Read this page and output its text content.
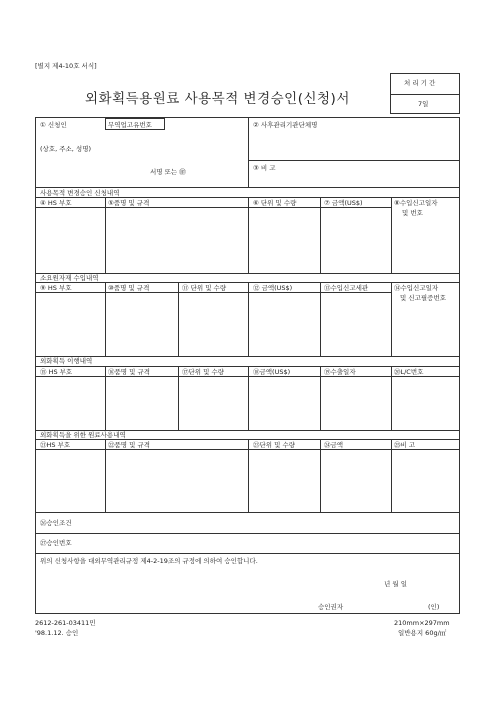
[별지 제4-10호 서식]
외화획득용원료 사용목적 변경승인(신청)서
처 리 기 간
7일
① 신청인	무역업고유번호
(상호, 주소, 성명)
서명 또는 ㊞
② 사후관리기관단체명
③ 비 고
사용목적 변경승인 신청내역
④ HS 부호	⑤품명 및 규격	⑥ 단위 및 수량	⑦ 금액(US$)	⑧수입신고일자
및 번호
소요원자재 수입내역
⑨ HS 부호	⑩품명 및 규격	⑪ 단위 및 수량	⑫ 금액(US$)	⑬수입신고세관	⑭수입신고일자
및 신고필증번호
외화획득 이행내역
⑮ HS 부호	⑯품명 및 규격	⑰단위 및 수량	⑱금액(US$)	⑲수출일자	⑳L/C번호
외화획득을 위한 원료사용내역
㉑HS 부호	㉒품명 및 규격	㉓단위 및 수량	㉔금액	㉕비 고
㉖승인조건
㉗승인번호
위의 신청사항을 대외무역관리규정 제4-2-19조의 규정에 의하여 승인합니다.
년 월 일
승인권자	(인)
2612-261-03411민
'98.1.12. 승인
210mm×297mm
일반용지 60g/㎡
